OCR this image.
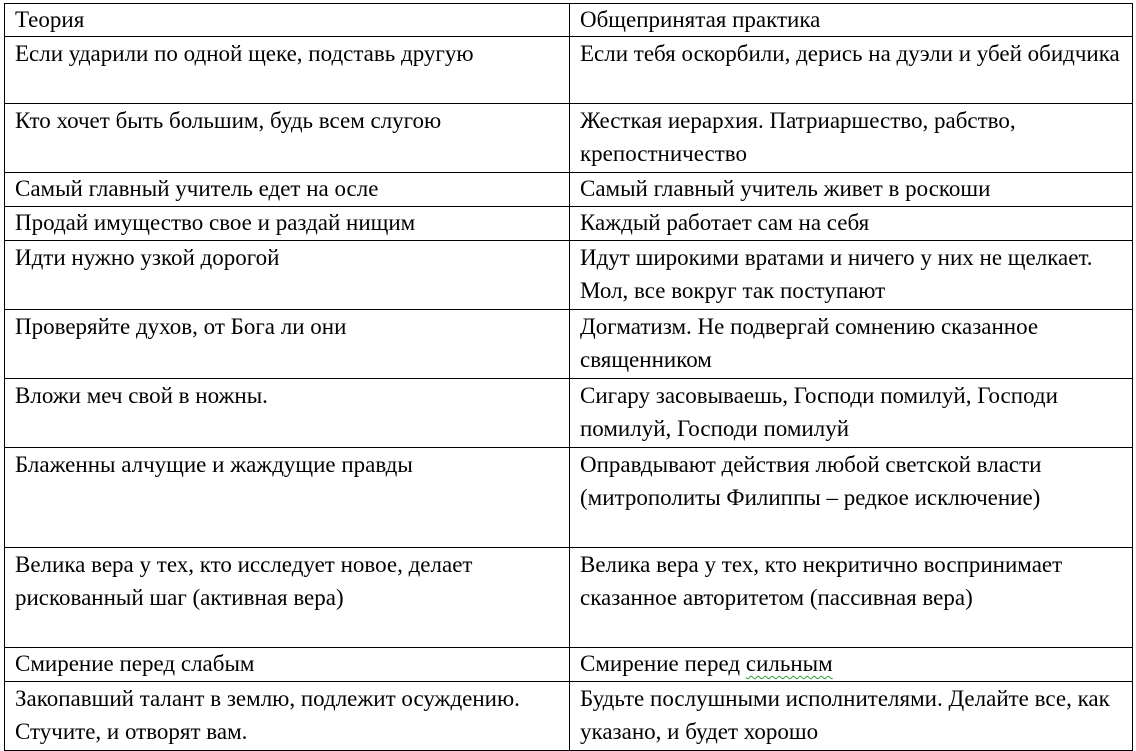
Теория	Общепринятая практика
Если ударили по одной щеке, подставь другую	Если тебя оскорбили, дерись на дуэли и убей обидчика
Кто хочет быть большим, будь всем слугою	Жесткая иерархия. Патриаршество, рабство, крепостничество
Самый главный учитель едет на осле	Самый главный учитель живет в роскоши
Продай имущество свое и раздай нищим	Каждый работает сам на себя
Идти нужно узкой дорогой	Идут широкими вратами и ничего у них не щелкает. Мол, все вокруг так поступают
Проверяйте духов, от Бога ли они	Догматизм. Не подвергай сомнению сказанное священником
Вложи меч свой в ножны.	Сигару засовываешь, Господи помилуй, Господи помилуй, Господи помилуй
Блаженны алчущие и жаждущие правды	Оправдывают действия любой светской власти (митрополиты Филиппы – редкое исключение)
Велика вера у тех, кто исследует новое, делает рискованный шаг (активная вера)	Велика вера у тех, кто некритично воспринимает сказанное авторитетом (пассивная вера)
Смирение перед слабым	Смирение перед сильным
Закопавший талант в землю, подлежит осуждению. Стучите, и отворят вам.	Будьте послушными исполнителями. Делайте все, как указано, и будет хорошо
